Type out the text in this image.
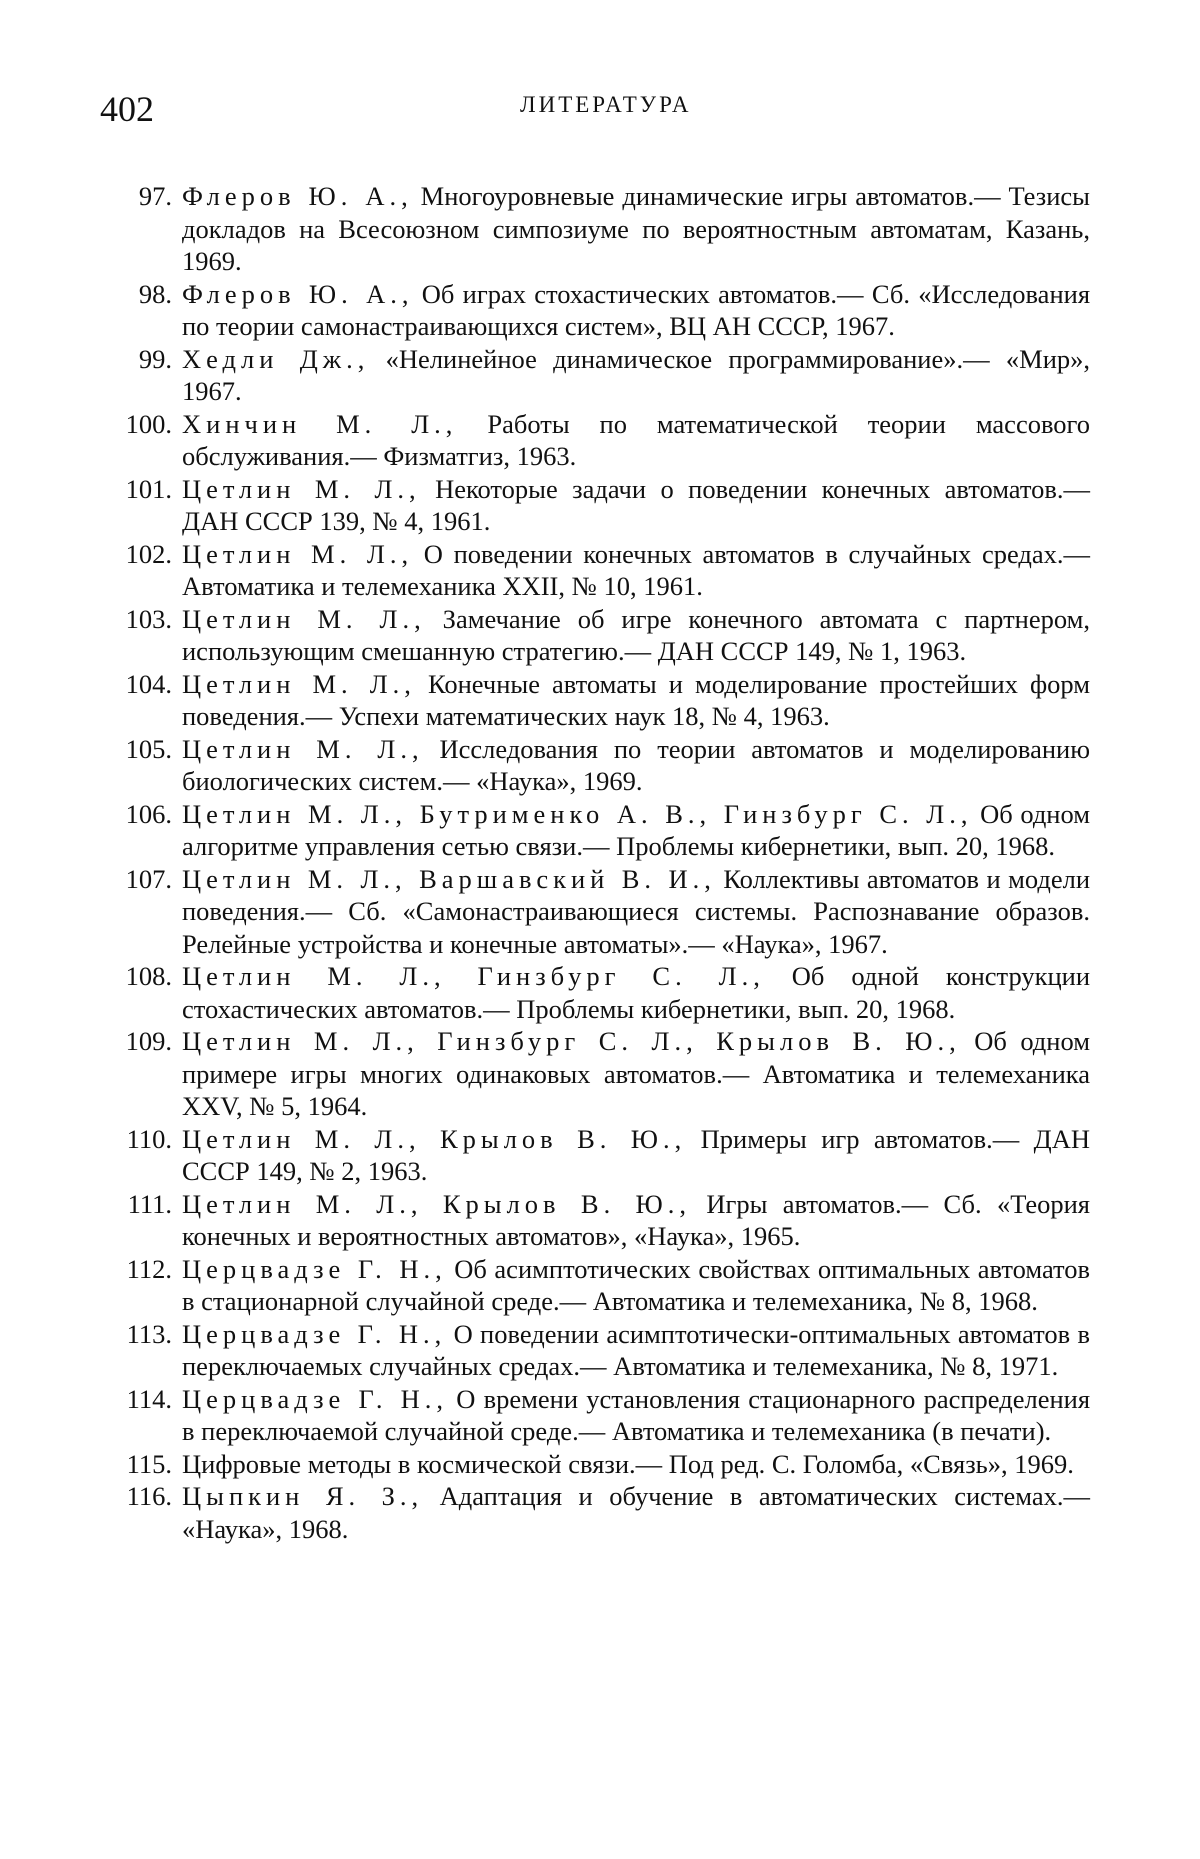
402	ЛИТЕРАТУРА
97. Флеров Ю. А., Многоуровневые динамические игры автоматов.— Тезисы докладов на Всесоюзном симпозиуме по вероятностным автоматам, Казань, 1969.
98. Флеров Ю. А., Об играх стохастических автоматов.— Сб. «Исследования по теории самонастраивающихся систем», ВЦ АН СССР, 1967.
99. Хедли Дж., «Нелинейное динамическое программирование».— «Мир», 1967.
100. Хинчин М. Л., Работы по математической теории массового обслуживания.— Физматгиз, 1963.
101. Цетлин М. Л., Некоторые задачи о поведении конечных автоматов.— ДАН СССР 139, № 4, 1961.
102. Цетлин М. Л., О поведении конечных автоматов в случайных средах.— Автоматика и телемеханика XXII, № 10, 1961.
103. Цетлин М. Л., Замечание об игре конечного автомата с партнером, использующим смешанную стратегию.— ДАН СССР 149, № 1, 1963.
104. Цетлин М. Л., Конечные автоматы и моделирование простейших форм поведения.— Успехи математических наук 18, № 4, 1963.
105. Цетлин М. Л., Исследования по теории автоматов и моделированию биологических систем.— «Наука», 1969.
106. Цетлин М. Л., Бутрименко А. В., Гинзбург С. Л., Об одном алгоритме управления сетью связи.— Проблемы кибернетики, вып. 20, 1968.
107. Цетлин М. Л., Варшавский В. И., Коллективы автоматов и модели поведения.— Сб. «Самонастраивающиеся системы. Распознавание образов. Релейные устройства и конечные автоматы».— «Наука», 1967.
108. Цетлин М. Л., Гинзбург С. Л., Об одной конструкции стохастических автоматов.— Проблемы кибернетики, вып. 20, 1968.
109. Цетлин М. Л., Гинзбург С. Л., Крылов В. Ю., Об одном примере игры многих одинаковых автоматов.— Автоматика и телемеханика XXV, № 5, 1964.
110. Цетлин М. Л., Крылов В. Ю., Примеры игр автоматов.— ДАН СССР 149, № 2, 1963.
111. Цетлин М. Л., Крылов В. Ю., Игры автоматов.— Сб. «Теория конечных и вероятностных автоматов», «Наука», 1965.
112. Церцвадзе Г. Н., Об асимптотических свойствах оптимальных автоматов в стационарной случайной среде.— Автоматика и телемеханика, № 8, 1968.
113. Церцвадзе Г. Н., О поведении асимптотически-оптимальных автоматов в переключаемых случайных средах.— Автоматика и телемеханика, № 8, 1971.
114. Церцвадзе Г. Н., О времени установления стационарного распределения в переключаемой случайной среде.— Автоматика и телемеханика (в печати).
115. Цифровые методы в космической связи.— Под ред. С. Голомба, «Связь», 1969.
116. Цыпкин Я. З., Адаптация и обучение в автоматических системах.— «Наука», 1968.
